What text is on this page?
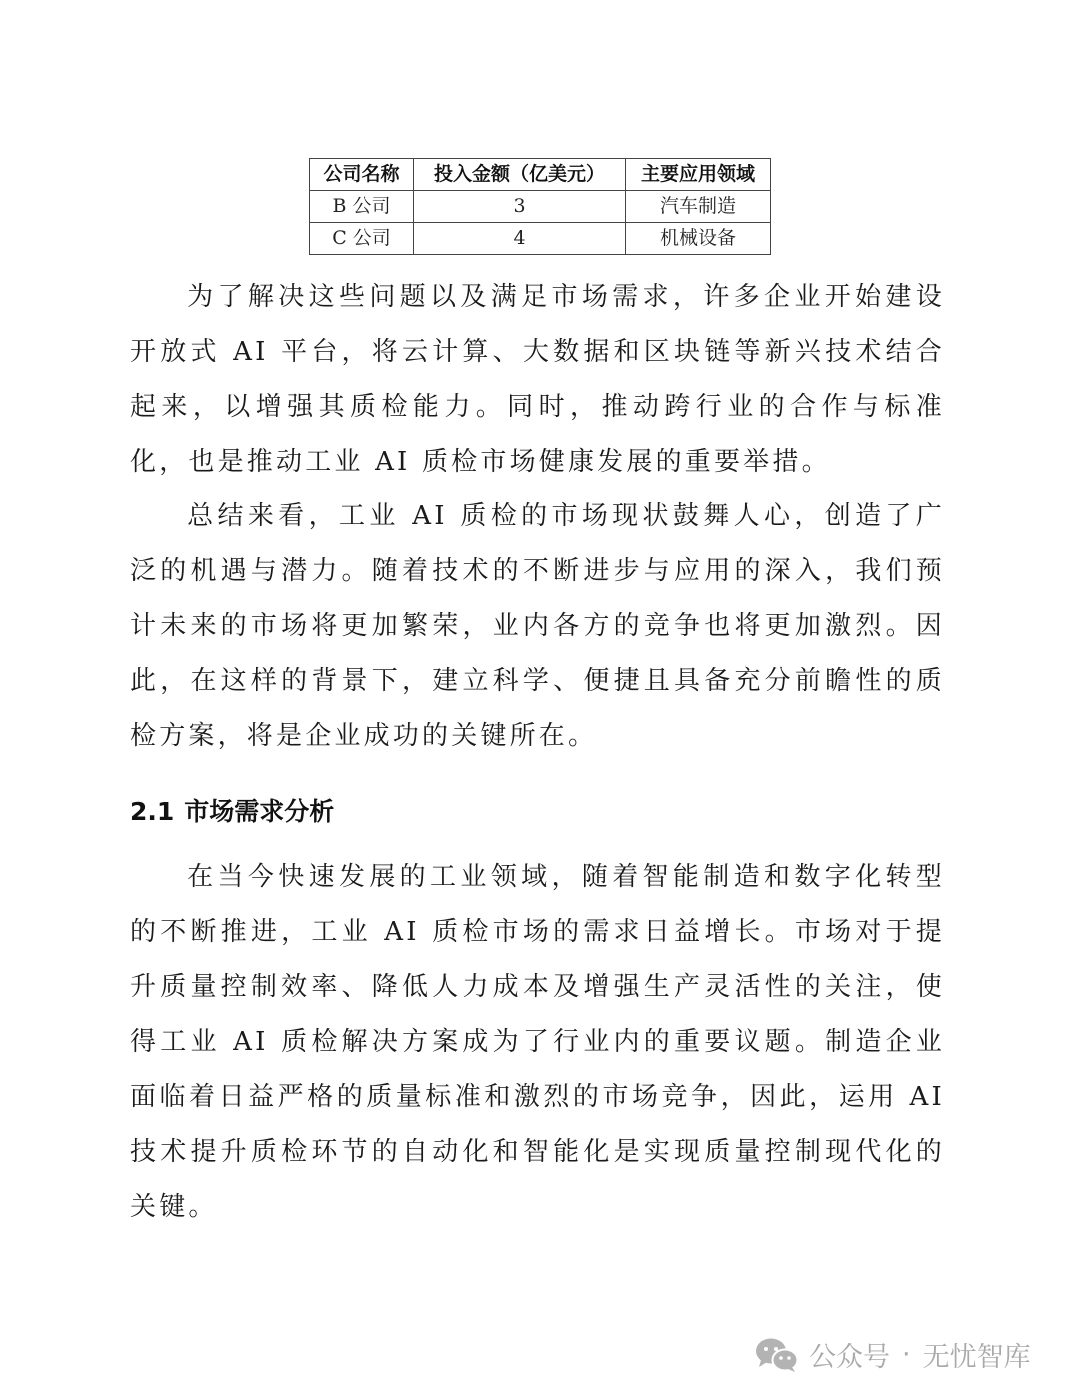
公司名称	投入金额（亿美元）	主要应用领域
B 公司	3	汽车制造
C 公司	4	机械设备

为了解决这些问题以及满足市场需求，许多企业开始建设开放式 AI 平台，将云计算、大数据和区块链等新兴技术结合起来，以增强其质检能力。同时，推动跨行业的合作与标准化，也是推动工业 AI 质检市场健康发展的重要举措。

总结来看，工业 AI 质检的市场现状鼓舞人心，创造了广泛的机遇与潜力。随着技术的不断进步与应用的深入，我们预计未来的市场将更加繁荣，业内各方的竞争也将更加激烈。因此，在这样的背景下，建立科学、便捷且具备充分前瞻性的质检方案，将是企业成功的关键所在。

2.1 市场需求分析

在当今快速发展的工业领域，随着智能制造和数字化转型的不断推进，工业 AI 质检市场的需求日益增长。市场对于提升质量控制效率、降低人力成本及增强生产灵活性的关注，使得工业 AI 质检解决方案成为了行业内的重要议题。制造企业面临着日益严格的质量标准和激烈的市场竞争，因此，运用 AI 技术提升质检环节的自动化和智能化是实现质量控制现代化的关键。

公众号 · 无忧智库
